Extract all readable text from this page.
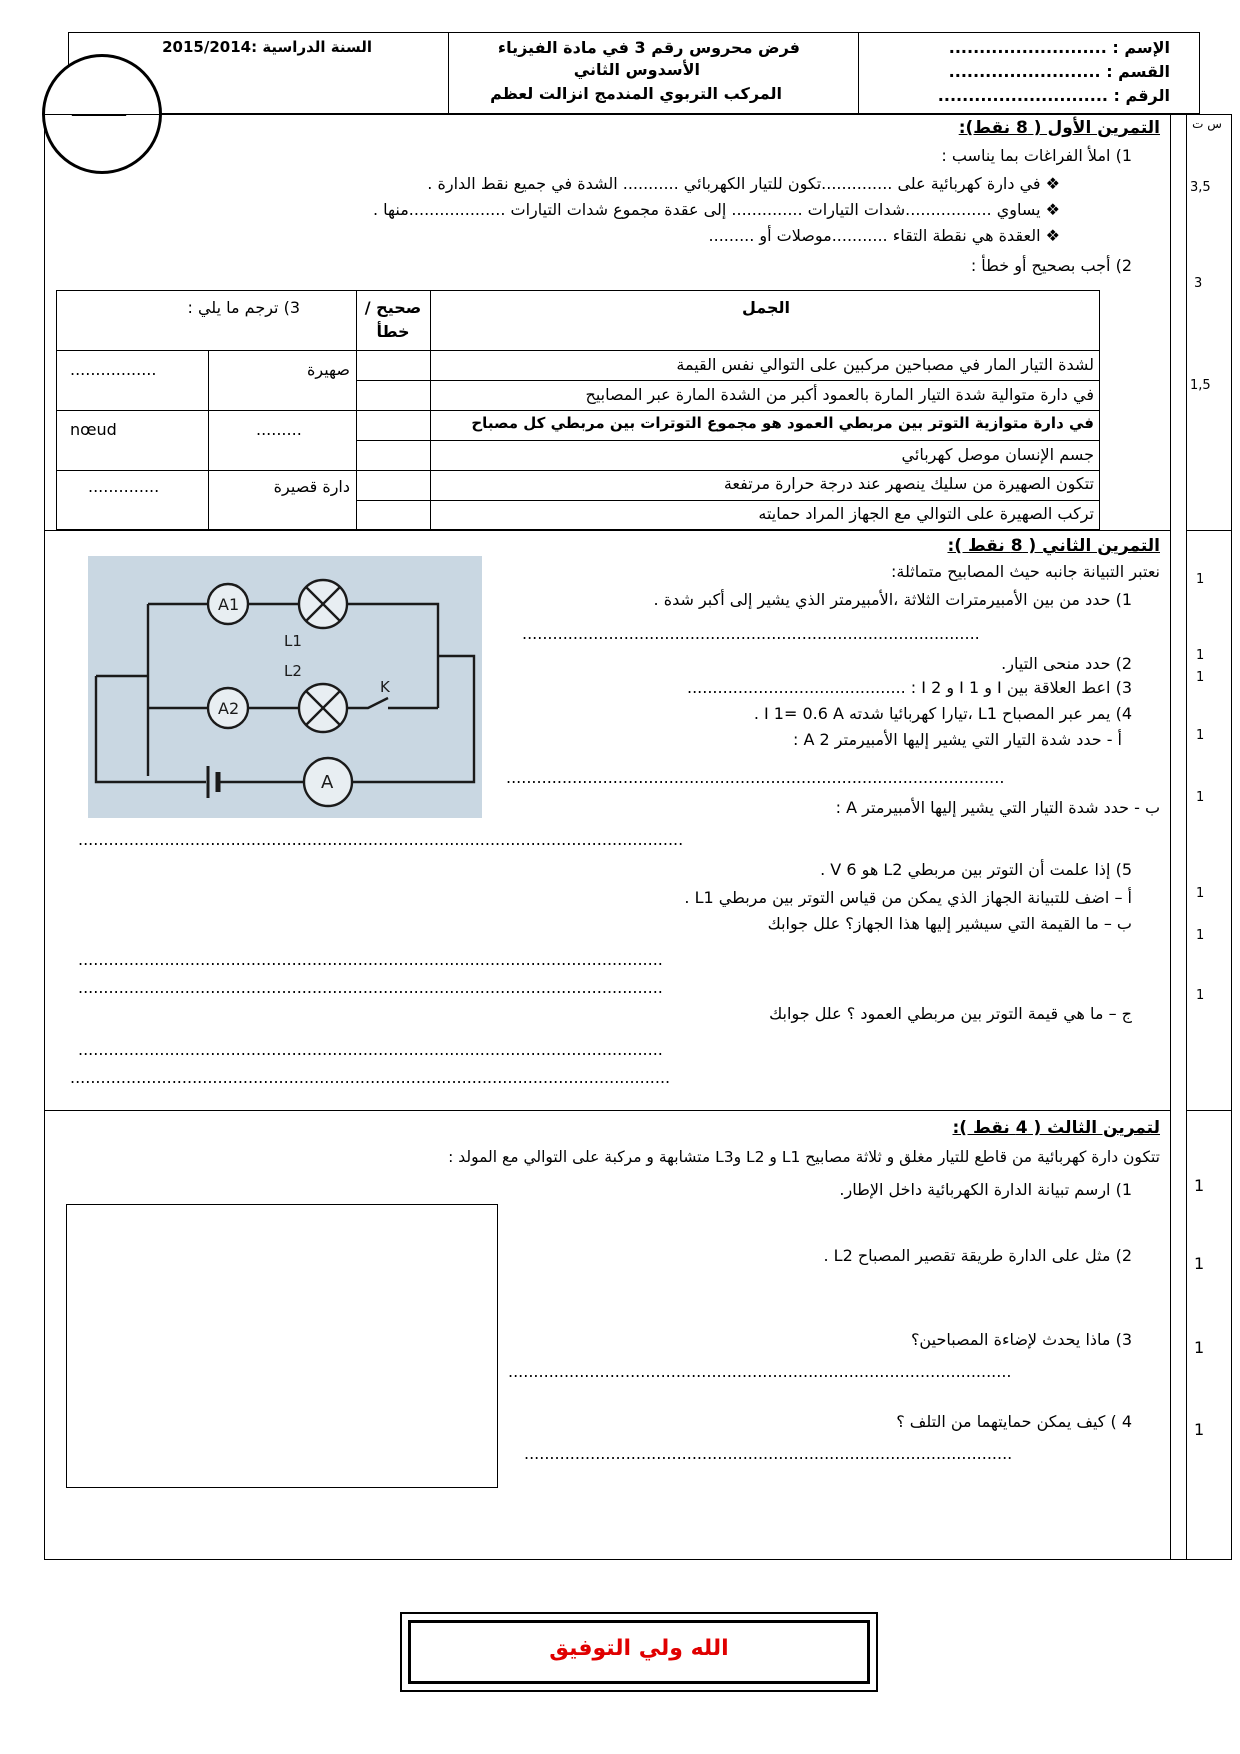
السنة الدراسية :2015/2014	فرض محروس رقم 3 في مادة الفيزياء
الأسدوس الثاني
المركب التربوي المندمج انزالت لعظم
الإسم : ..........................
القسم : .........................
الرقم : ............................
______
س ت
3,5
3
1,5
1
1
1
1
1
1
1
1
1
1
1
1
التمرين الأول ( 8 نقط):
1) املأ الفراغات بما يناسب :
❖ في دارة كهربائية على ..............تكون للتيار الكهربائي ........... الشدة في جميع نقط الدارة .
❖ يساوي .................شدات التيارات .............. إلى عقدة مجموع شدات التيارات ...................منها .
❖ العقدة هي نقطة التقاء ...........موصلات أو .........
2) أجب بصحيح أو خطأ :
الجمل
صحيح /خطأ
3) ترجم ما يلي :
لشدة التيار المار في مصباحين مركبين على التوالي نفس القيمة
في دارة متوالية شدة التيار المارة بالعمود أكبر من الشدة المارة عبر المصابيح
في دارة متوازية التوتر بين مربطي العمود هو مجموع التوترات بين مربطي كل مصباح
جسم الإنسان موصل كهربائي
تتكون الصهيرة من سليك ينصهر عند درجة حرارة مرتفعة
تركب الصهيرة على التوالي مع الجهاز المراد حمايته
صهيرة
.................
.........
nœud
دارة قصيرة
..............
التمرين الثاني ( 8 نقط ):
نعتبر التبيانة جانبه حيث المصابيح متماثلة:
A1
A2
A
L1
L2
K
1) حدد من بين الأمبيرمترات الثلاثة ،الأمبيرمتر الذي يشير إلى أكبر شدة .
..........................................................................................
2) حدد منحى التيار.
3) اعط العلاقة بين I و I 1 و I 2 : ...........................................
4) يمر عبر المصباح L1 ،تيارا كهربائيا شدته I 1= 0.6 A .
أ - حدد شدة التيار التي يشير إليها الأمبيرمتر A 2 :
..................................................................................................
ب - حدد شدة التيار التي يشير إليها الأمبيرمتر A :
.......................................................................................................................
5) إذا علمت أن التوتر بين مربطي L2 هو 6 V .
أ – اضف للتبيانة الجهاز الذي يمكن من قياس التوتر بين مربطي L1 .
ب – ما القيمة التي سيشير إليها هذا الجهاز؟ علل جوابك
...................................................................................................................
...................................................................................................................
ج – ما هي قيمة التوتر بين مربطي العمود ؟ علل جوابك
...................................................................................................................
......................................................................................................................
لتمرين الثالث ( 4 نقط ):
تتكون دارة كهربائية من قاطع للتيار مغلق و ثلاثة مصابيح L1 و L2 وL3 متشابهة و مركبة على التوالي مع المولد :
1) ارسم تبيانة الدارة الكهربائية داخل الإطار.
2) مثل على الدارة طريقة تقصير المصباح L2 .
3) ماذا يحدث لإضاءة المصباحين؟
...................................................................................................
4 ) كيف يمكن حمايتهما من التلف ؟
................................................................................................
الله ولي التوفيق
